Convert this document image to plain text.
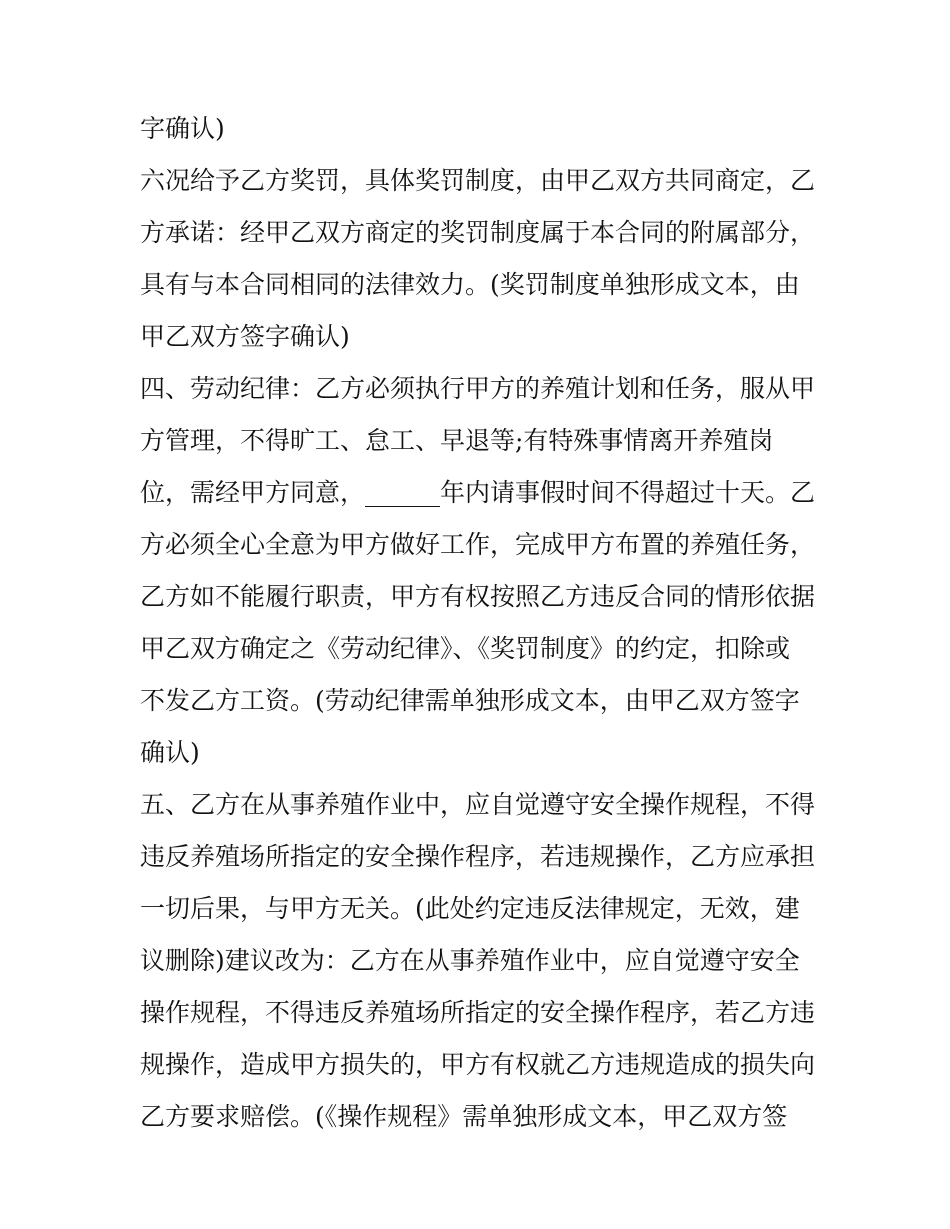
字确认)
六况给予乙方奖罚，具体奖罚制度，由甲乙双方共同商定，乙
方承诺：经甲乙双方商定的奖罚制度属于本合同的附属部分，
具有与本合同相同的法律效力。(奖罚制度单独形成文本，由
甲乙双方签字确认)
四、劳动纪律：乙方必须执行甲方的养殖计划和任务，服从甲
方管理，不得旷工、怠工、早退等;有特殊事情离开养殖岗
位，需经甲方同意，______年内请事假时间不得超过十天。乙
方必须全心全意为甲方做好工作，完成甲方布置的养殖任务，
乙方如不能履行职责，甲方有权按照乙方违反合同的情形依据
甲乙双方确定之《劳动纪律》、《奖罚制度》的约定，扣除或
不发乙方工资。(劳动纪律需单独形成文本，由甲乙双方签字
确认)
五、乙方在从事养殖作业中，应自觉遵守安全操作规程，不得
违反养殖场所指定的安全操作程序，若违规操作，乙方应承担
一切后果，与甲方无关。(此处约定违反法律规定，无效，建
议删除)建议改为：乙方在从事养殖作业中，应自觉遵守安全
操作规程，不得违反养殖场所指定的安全操作程序，若乙方违
规操作，造成甲方损失的，甲方有权就乙方违规造成的损失向
乙方要求赔偿。(《操作规程》需单独形成文本，甲乙双方签
